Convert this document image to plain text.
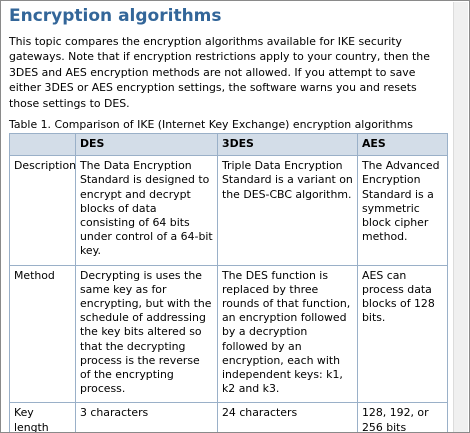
Encryption algorithms

This topic compares the encryption algorithms available for IKE security gateways. Note that if encryption restrictions apply to your country, then the 3DES and AES encryption methods are not allowed. If you attempt to save either 3DES or AES encryption settings, the software warns you and resets those settings to DES.

Table 1. Comparison of IKE (Internet Key Exchange) encryption algorithms
	DES	3DES	AES
Description	The Data Encryption Standard is designed to encrypt and decrypt blocks of data consisting of 64 bits under control of a 64-bit key.	Triple Data Encryption Standard is a variant on the DES-CBC algorithm.	The Advanced Encryption Standard is a symmetric block cipher method.
Method	Decrypting is uses the same key as for encrypting, but with the schedule of addressing the key bits altered so that the decrypting process is the reverse of the encrypting process.	The DES function is replaced by three rounds of that function, an encryption followed by a decryption followed by an encryption, each with independent keys: k1, k2 and k3.	AES can process data blocks of 128 bits.
Key length	3 characters	24 characters	128, 192, or 256 bits
